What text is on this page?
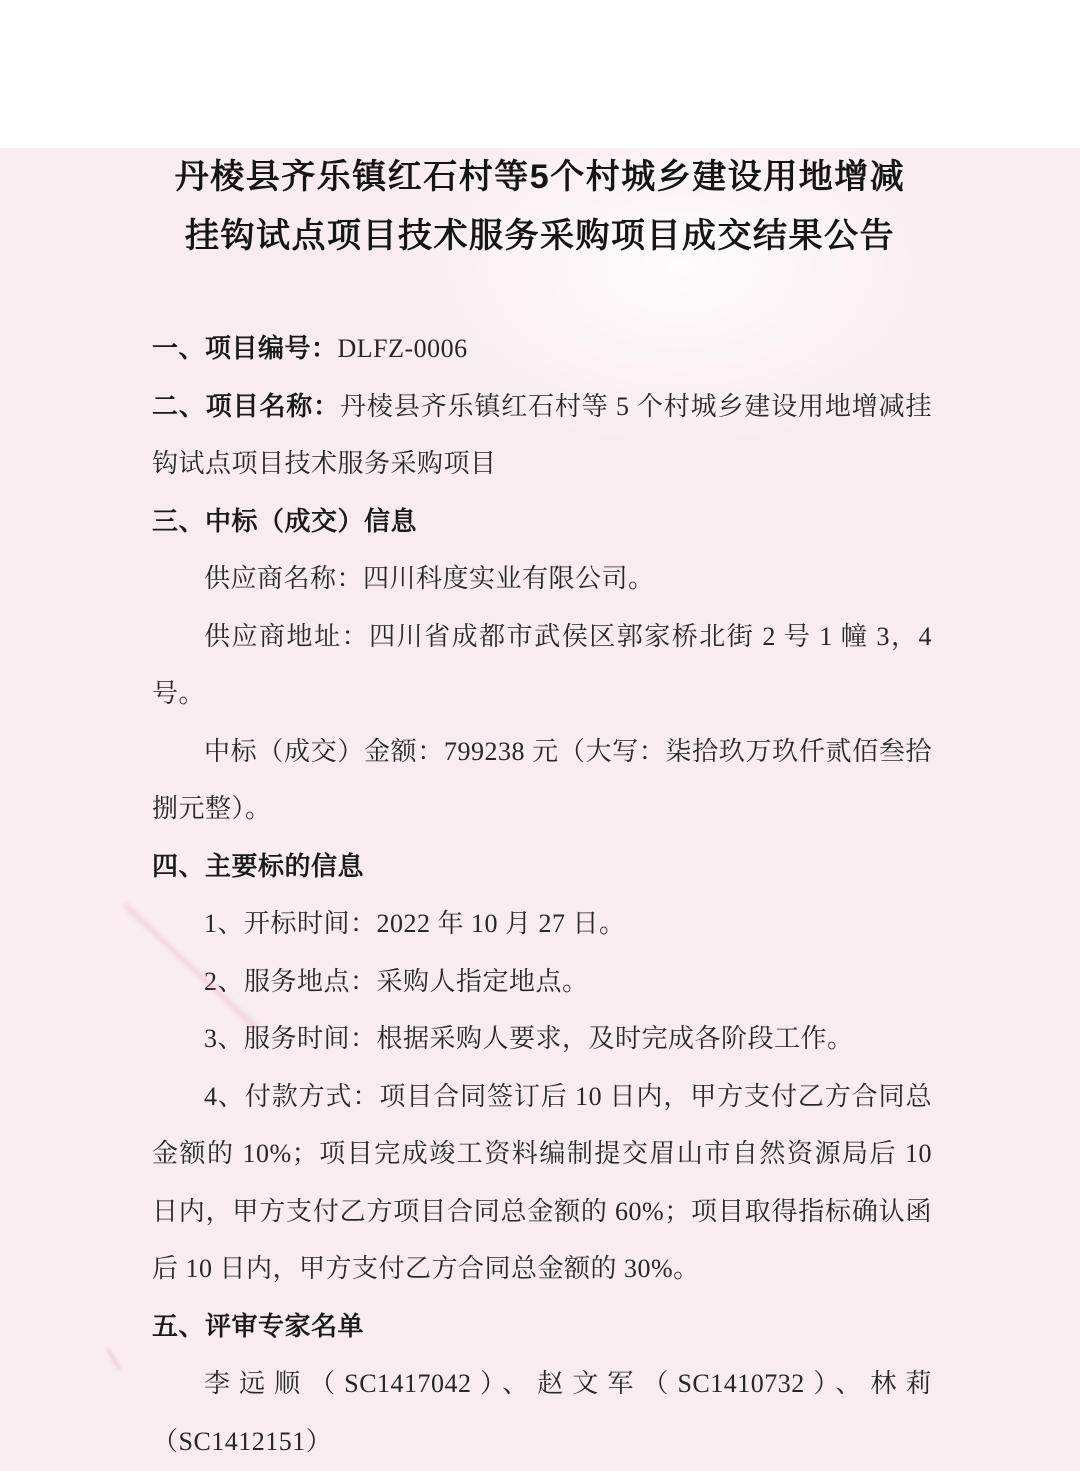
丹棱县齐乐镇红石村等5个村城乡建设用地增减
挂钩试点项目技术服务采购项目成交结果公告

一、项目编号：DLFZ-0006

二、项目名称：丹棱县齐乐镇红石村等 5 个村城乡建设用地增减挂钩试点项目技术服务采购项目

三、中标（成交）信息

供应商名称：四川科度实业有限公司。

供应商地址：四川省成都市武侯区郭家桥北街 2 号 1 幢 3，4 号。

中标（成交）金额：799238 元（大写：柒拾玖万玖仟贰佰叁拾捌元整）。

四、主要标的信息

1、开标时间：2022 年 10 月 27 日。

2、服务地点：采购人指定地点。

3、服务时间：根据采购人要求，及时完成各阶段工作。

4、付款方式：项目合同签订后 10 日内，甲方支付乙方合同总金额的 10%；项目完成竣工资料编制提交眉山市自然资源局后 10 日内，甲方支付乙方项目合同总金额的 60%；项目取得指标确认函后 10 日内，甲方支付乙方合同总金额的 30%。

五、评审专家名单

李远顺（SC1417042）、赵文军（SC1410732）、林莉（SC1412151）
